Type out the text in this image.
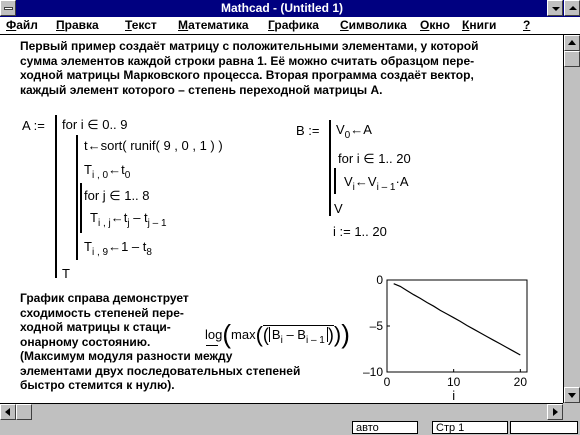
Mathcad - (Untitled 1)
Файл Правка Текст Математика Графика Символика Окно Книги ?

Первый пример создаёт матрицу с положительными элементами, у которой

сумма элементов каждой строки равна 1. Её можно считать образцом пере-

ходной матрицы Марковского процесса. Вторая программа создаёт вектор,

каждый элемент которого – степень переходной матрицы A.

A := for i ∈ 0.. 9
t←sort( runif( 9 , 0 , 1 ) )
$T_{i , 0}\leftarrow t_0$
for j ∈ 1.. 8
$T_{i , j}\leftarrow t_j - t_{j - 1}$
$T_{i , 9}\leftarrow 1 - t_8$
T
B := $V_0\leftarrow A$
for i ∈ 1.. 20
$V_i\leftarrow V_{i - 1}\cdot A$
V
i := 1.. 20

График справа демонструет

сходимость степеней пере-

ходной матрицы к стаци-

онарному состоянию.

(Максимум модуля разности между

элементами двух последовательных степеней

быстро стемится к нулю).

log(max(( $B_i - B_{i - 1}$ )))
0
–5
–10
0	10	20
i
авто	Стр 1
